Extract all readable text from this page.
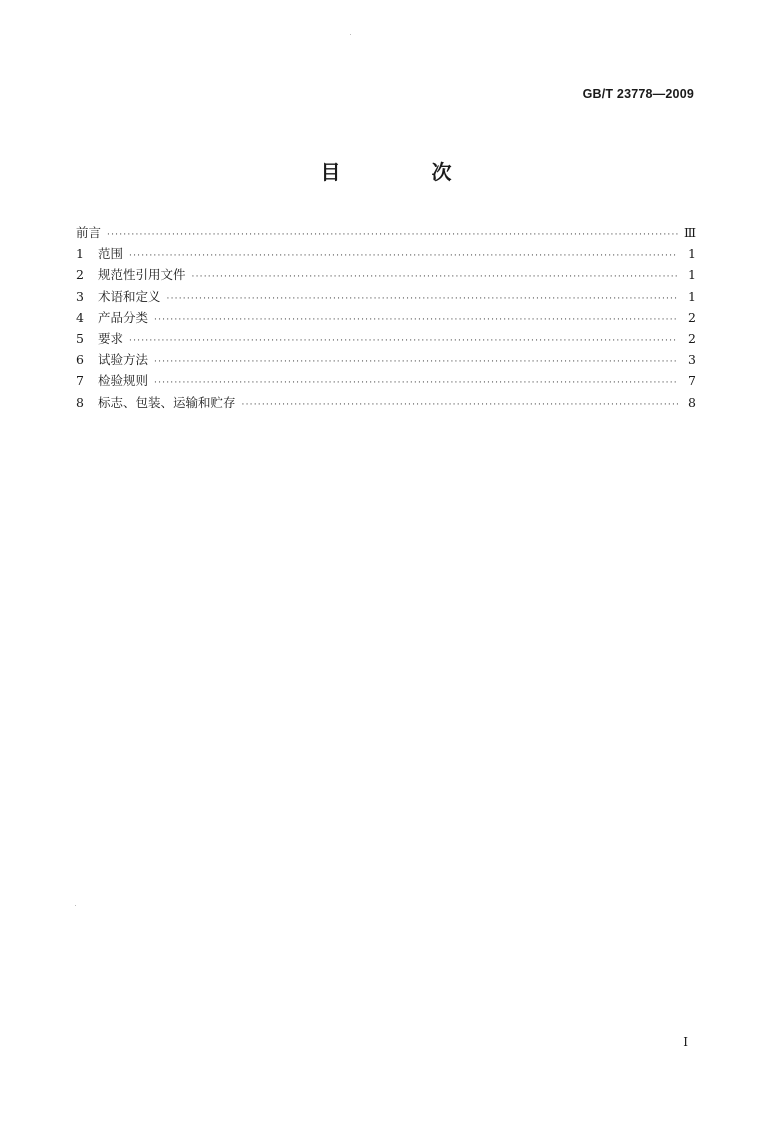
GB/T 23778—2009
目 次
前言 ·····	Ⅲ
1	范围 ·····	1
2	规范性引用文件 ·····	1
3	术语和定义 ·····	1
4	产品分类 ·····	2
5	要求 ·····	2
6	试验方法 ·····	3
7	检验规则 ·····	7
8	标志、包装、运输和贮存 ·····	8
I
